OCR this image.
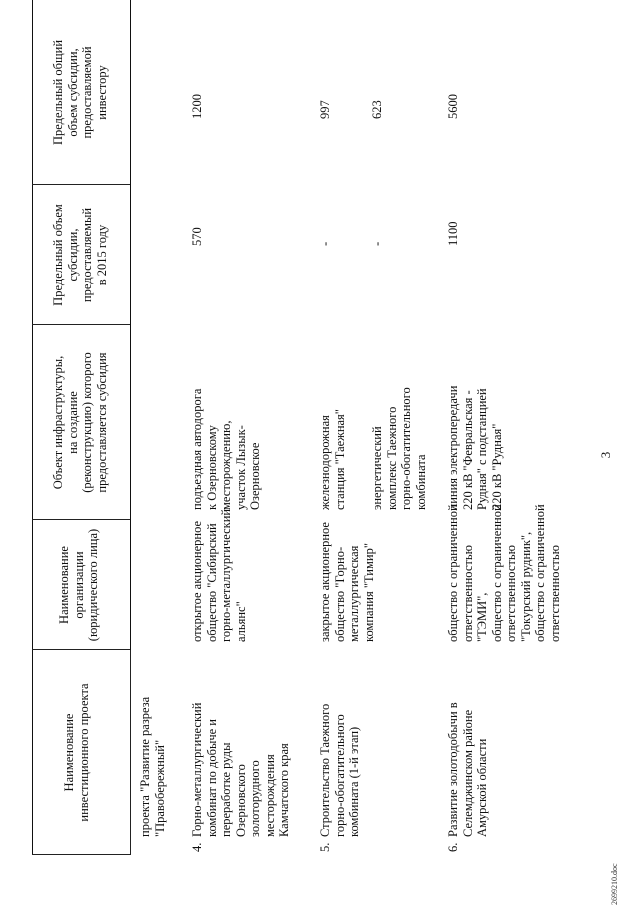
3
2699210.doc
Наименование инвестиционного проекта
Наименование организации (юридического лица)
Объект инфраструктуры, на создание (реконструкцию) которого предоставляется субсидия
Предельный объем субсидии, предоставляемый в 2015 году
Предельный общий объем субсидии, предоставляемой инвестору
проекта "Развитие разреза "Правобережный"
4.
Горно-металлургический комбинат по добыче и переработке руды Озерновского золоторудного месторождения Камчатского края
открытое акционерное общество "Сибирский горно-металлургический альянс"
подъездная автодорога к Озерновскому месторождению, участок Лызык- Озерновское
570
1200
5.
Строительство Таежного горно-обогатительного комбината (1-й этап)
закрытое акционерное общество "Горно- металлургическая компания "Тимир"
железнодорожная станция "Таежная" энергетический комплекс Таежного горно-обогатительного комбината
-	-
997	623
6.
Развитие золотодобычи в Селемджинском районе Амурской области
общество с ограниченной ответственностью "ТЭМИ", общество с ограниченной ответственностью "Токурский рудник", общество с ограниченной ответственностью
линия электропередачи 220 кВ "Февральская - Рудная" с подстанцией 220 кВ "Рудная"
1100
5600
